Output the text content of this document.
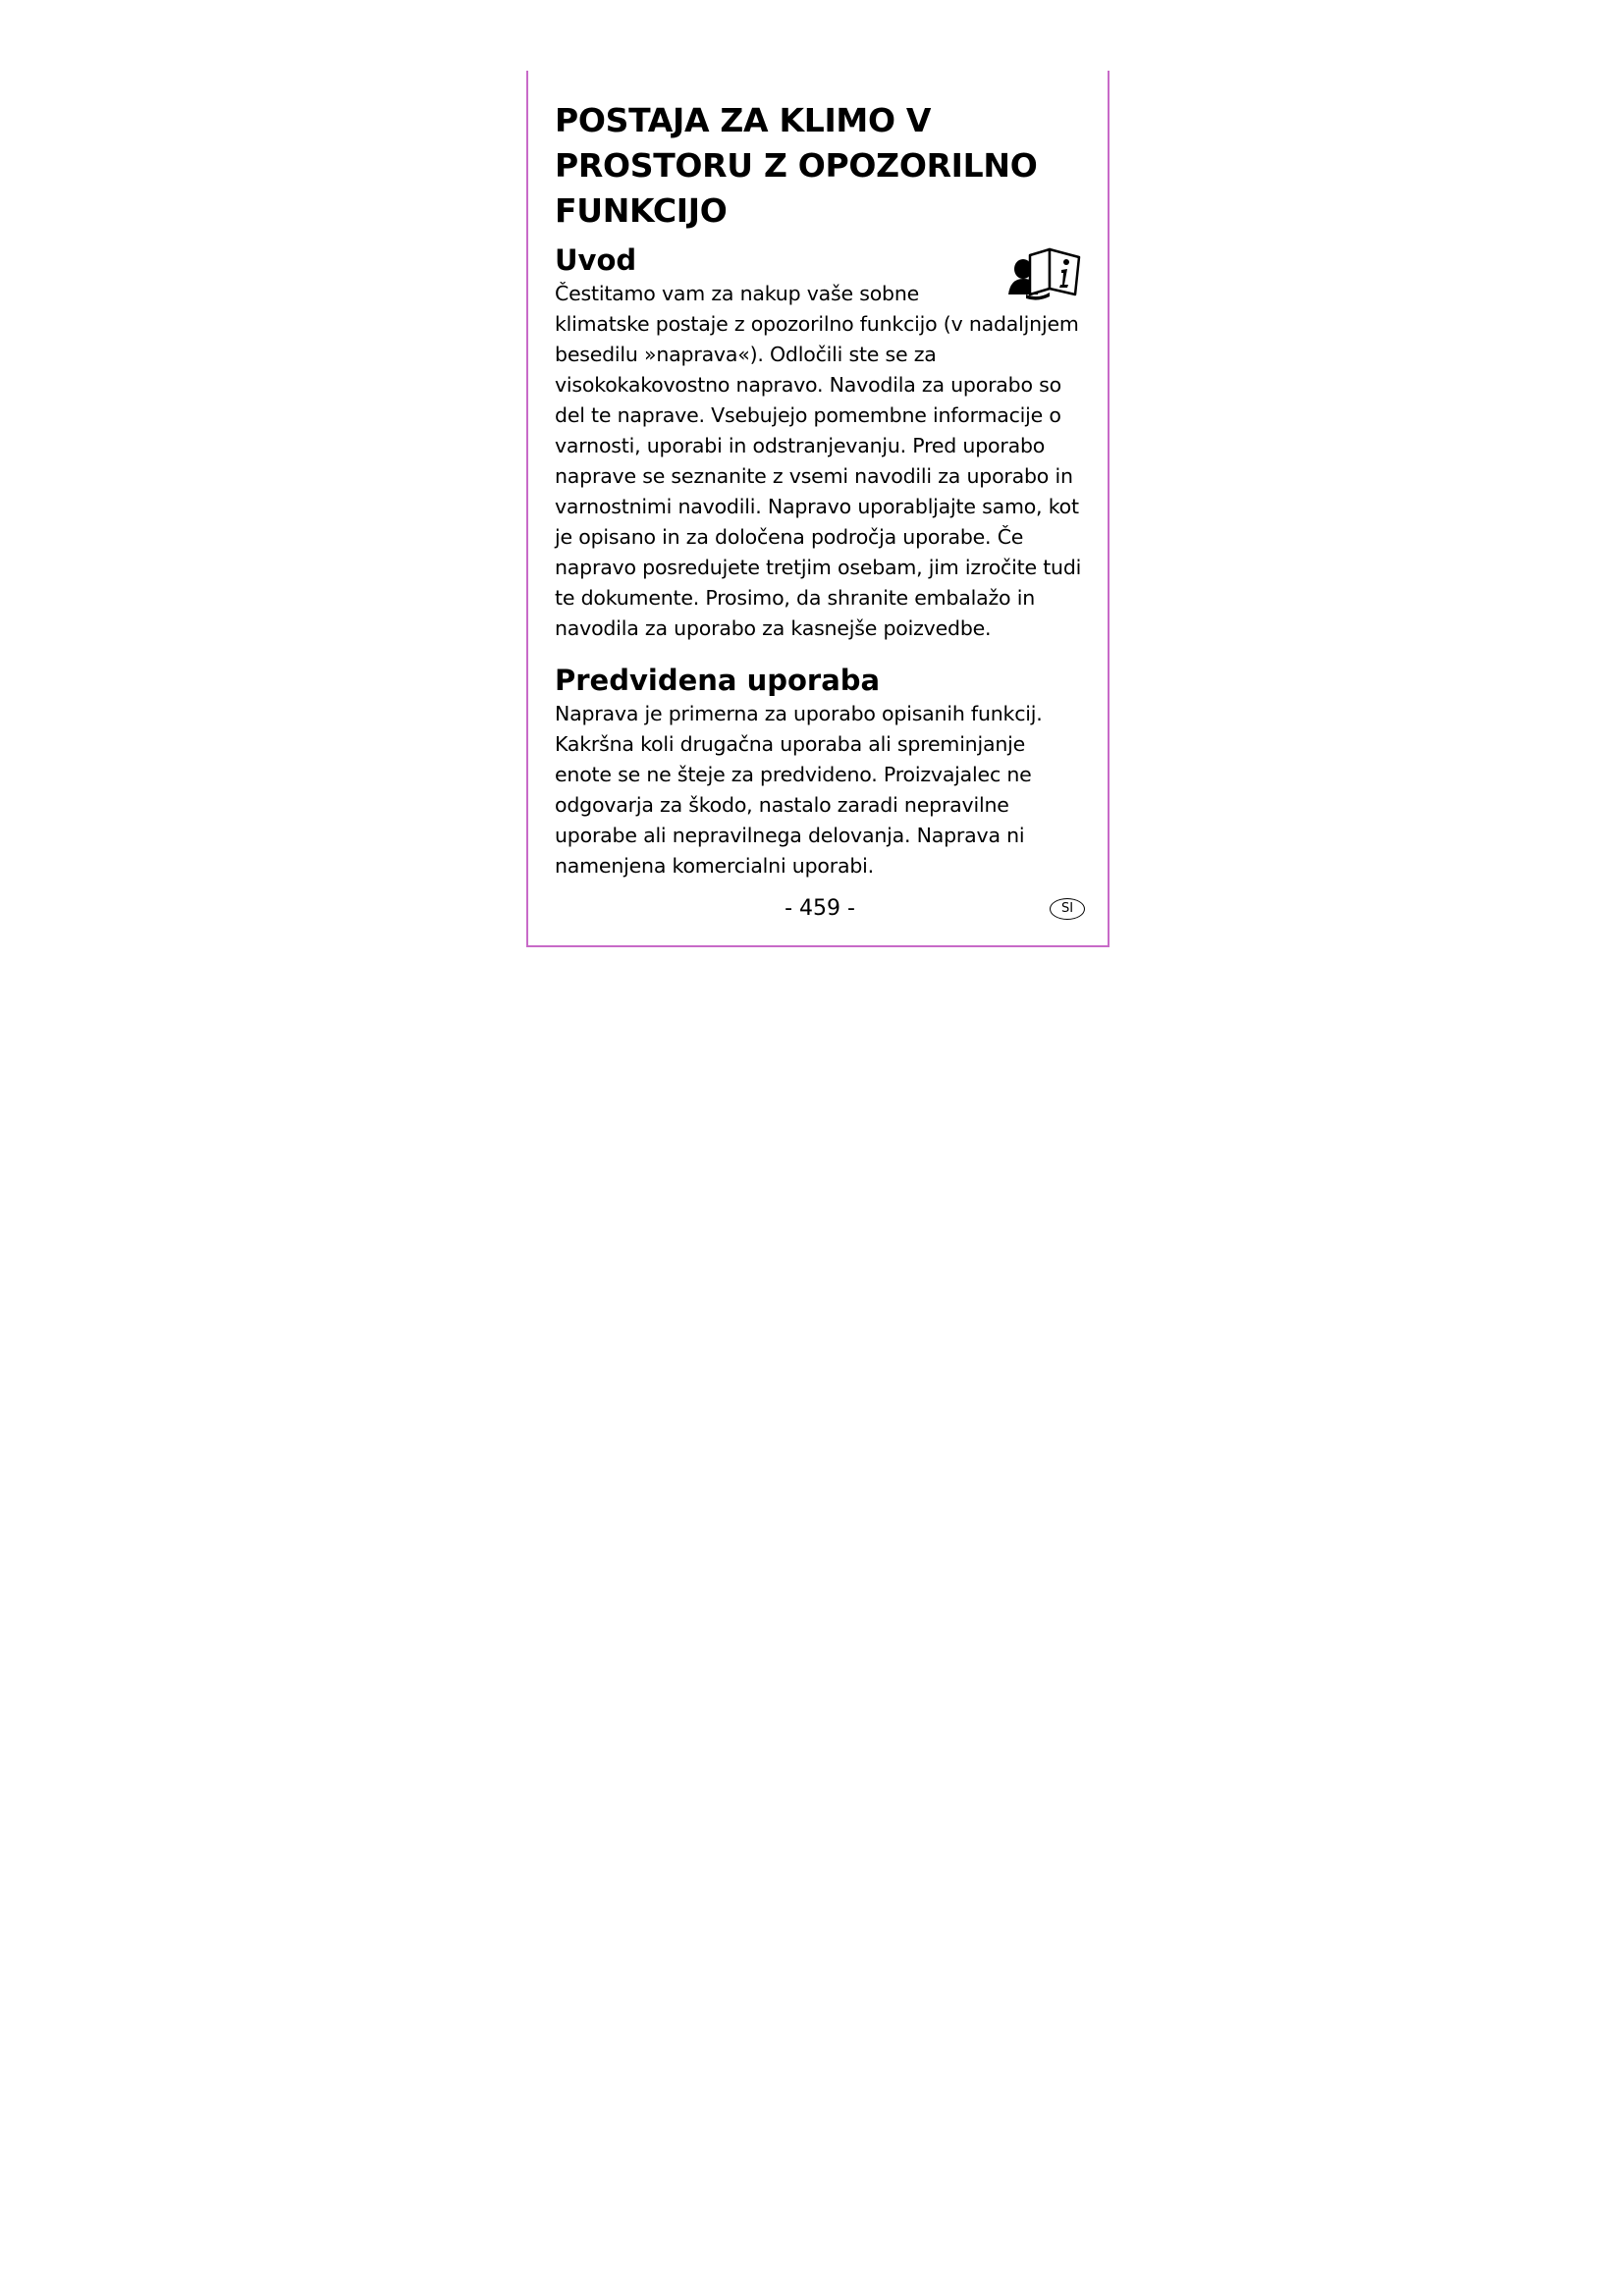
POSTAJA ZA KLIMO V
PROSTORU Z OPOZORILNO
FUNKCIJO
Uvod

Čestitamo vam za nakup vaše sobne
klimatske postaje z opozorilno funkcijo (v nadaljnjem besedilu »naprava«). Odločili ste se za visokokakovostno napravo. Navodila za uporabo so del te naprave. Vsebujejo pomembne informacije o varnosti, uporabi in odstranjevanju. Pred uporabo naprave se seznanite z vsemi navodili za uporabo in varnostnimi navodili. Napravo uporabljajte samo, kot je opisano in za določena področja uporabe. Če napravo posredujete tretjim osebam, jim izročite tudi te dokumente. Prosimo, da shranite embalažo in navodila za uporabo za kasnejše poizvedbe.

Predvidena uporaba

Naprava je primerna za uporabo opisanih funkcij. Kakršna koli drugačna uporaba ali spreminjanje enote se ne šteje za predvideno. Proizvajalec ne odgovarja za škodo, nastalo zaradi nepravilne uporabe ali nepravilnega delovanja. Naprava ni namenjena komercialni uporabi.

- 459 -	SI
